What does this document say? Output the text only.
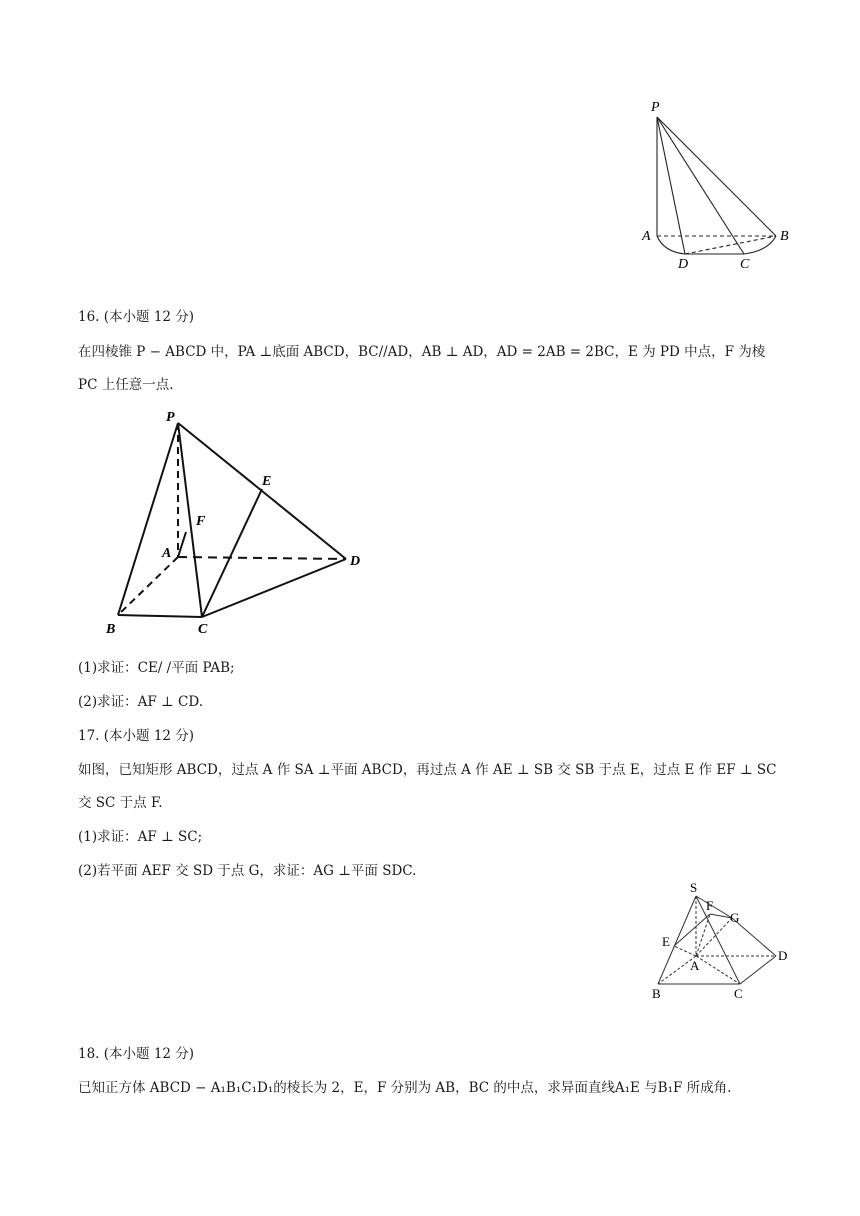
P
A	B
D	C
16. (本小题 12 分)
在四棱锥 P − ABCD 中，PA ⊥底面 ABCD，BC//AD，AB ⊥ AD，AD = 2AB = 2BC，E 为 PD 中点，F 为棱
PC 上任意一点.
P
E
F
A
D
B	C
(1)求证：CE/ /平面 PAB;
(2)求证：AF ⊥ CD.
17. (本小题 12 分)
如图，已知矩形 ABCD，过点 A 作 SA ⊥平面 ABCD，再过点 A 作 AE ⊥ SB 交 SB 于点 E，过点 E 作 EF ⊥ SC
交 SC 于点 F.
(1)求证：AF ⊥ SC;
(2)若平面 AEF 交 SD 于点 G，求证：AG ⊥平面 SDC.
S
F
G
E
A
D
B	C
18. (本小题 12 分)
已知正方体 ABCD − A₁B₁C₁D₁的棱长为 2，E，F 分别为 AB，BC 的中点，求异面直线A₁E 与B₁F 所成角.
